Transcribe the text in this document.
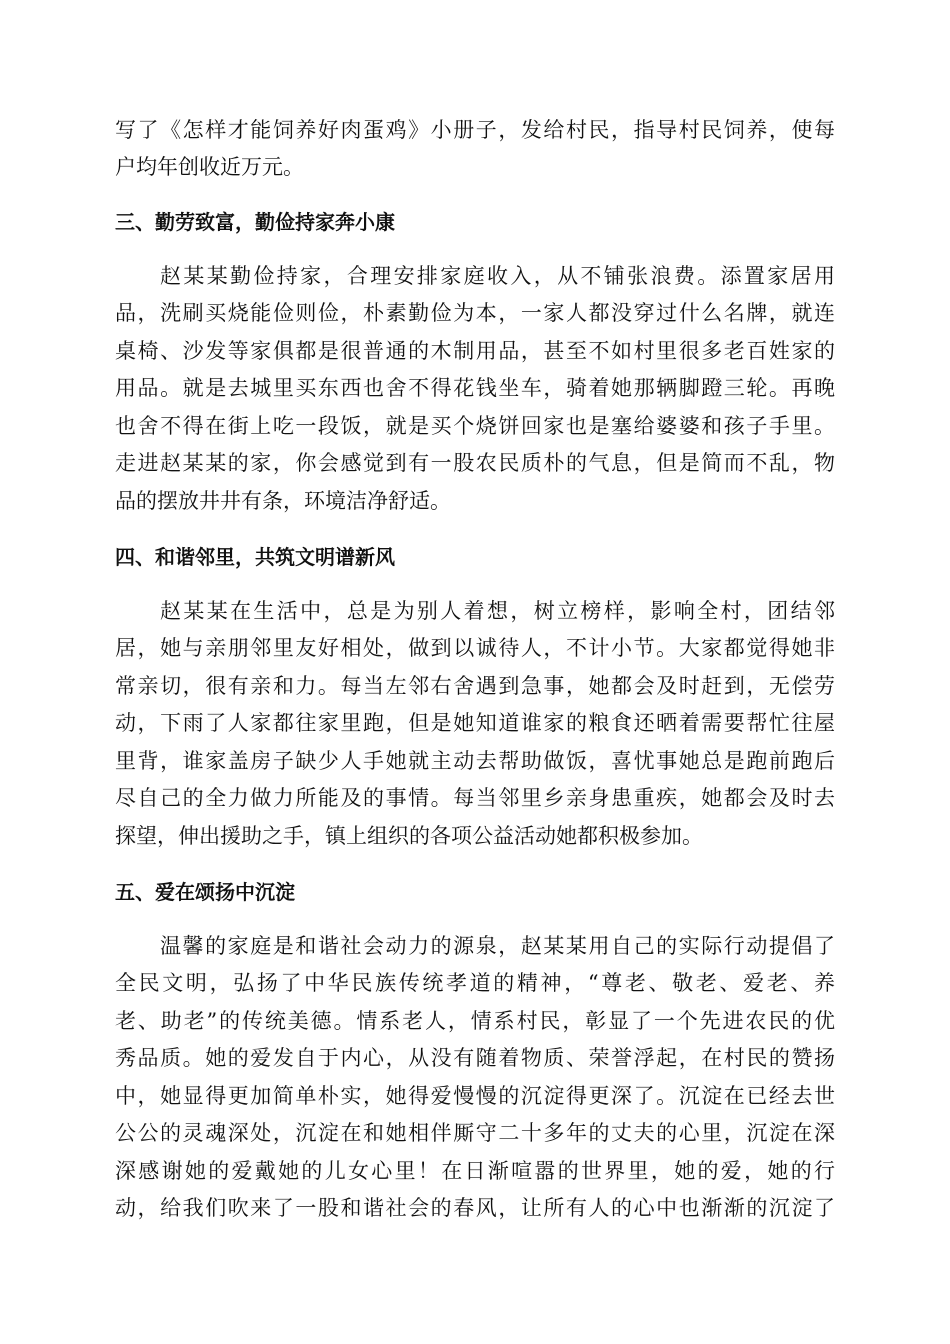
写了《怎样才能饲养好肉蛋鸡》小册子，发给村民，指导村民饲养，使每
户均年创收近万元。
三、勤劳致富，勤俭持家奔小康
赵某某勤俭持家，合理安排家庭收入，从不铺张浪费。添置家居用
品，洗刷买烧能俭则俭，朴素勤俭为本，一家人都没穿过什么名牌，就连
桌椅、沙发等家俱都是很普通的木制用品，甚至不如村里很多老百姓家的
用品。就是去城里买东西也舍不得花钱坐车，骑着她那辆脚蹬三轮。再晚
也舍不得在街上吃一段饭，就是买个烧饼回家也是塞给婆婆和孩子手里。
走进赵某某的家，你会感觉到有一股农民质朴的气息，但是简而不乱，物
品的摆放井井有条，环境洁净舒适。
四、和谐邻里，共筑文明谱新风
赵某某在生活中，总是为别人着想，树立榜样，影响全村，团结邻
居，她与亲朋邻里友好相处，做到以诚待人，不计小节。大家都觉得她非
常亲切，很有亲和力。每当左邻右舍遇到急事，她都会及时赶到，无偿劳
动，下雨了人家都往家里跑，但是她知道谁家的粮食还晒着需要帮忙往屋
里背，谁家盖房子缺少人手她就主动去帮助做饭，喜忧事她总是跑前跑后
尽自己的全力做力所能及的事情。每当邻里乡亲身患重疾，她都会及时去
探望，伸出援助之手，镇上组织的各项公益活动她都积极参加。
五、爱在颂扬中沉淀
温馨的家庭是和谐社会动力的源泉，赵某某用自己的实际行动提倡了
全民文明，弘扬了中华民族传统孝道的精神，“尊老、敬老、爱老、养
老、助老”的传统美德。情系老人，情系村民，彰显了一个先进农民的优
秀品质。她的爱发自于内心，从没有随着物质、荣誉浮起，在村民的赞扬
中，她显得更加简单朴实，她得爱慢慢的沉淀得更深了。沉淀在已经去世
公公的灵魂深处，沉淀在和她相伴厮守二十多年的丈夫的心里，沉淀在深
深感谢她的爱戴她的儿女心里！在日渐喧嚣的世界里，她的爱，她的行
动，给我们吹来了一股和谐社会的春风，让所有人的心中也渐渐的沉淀了
